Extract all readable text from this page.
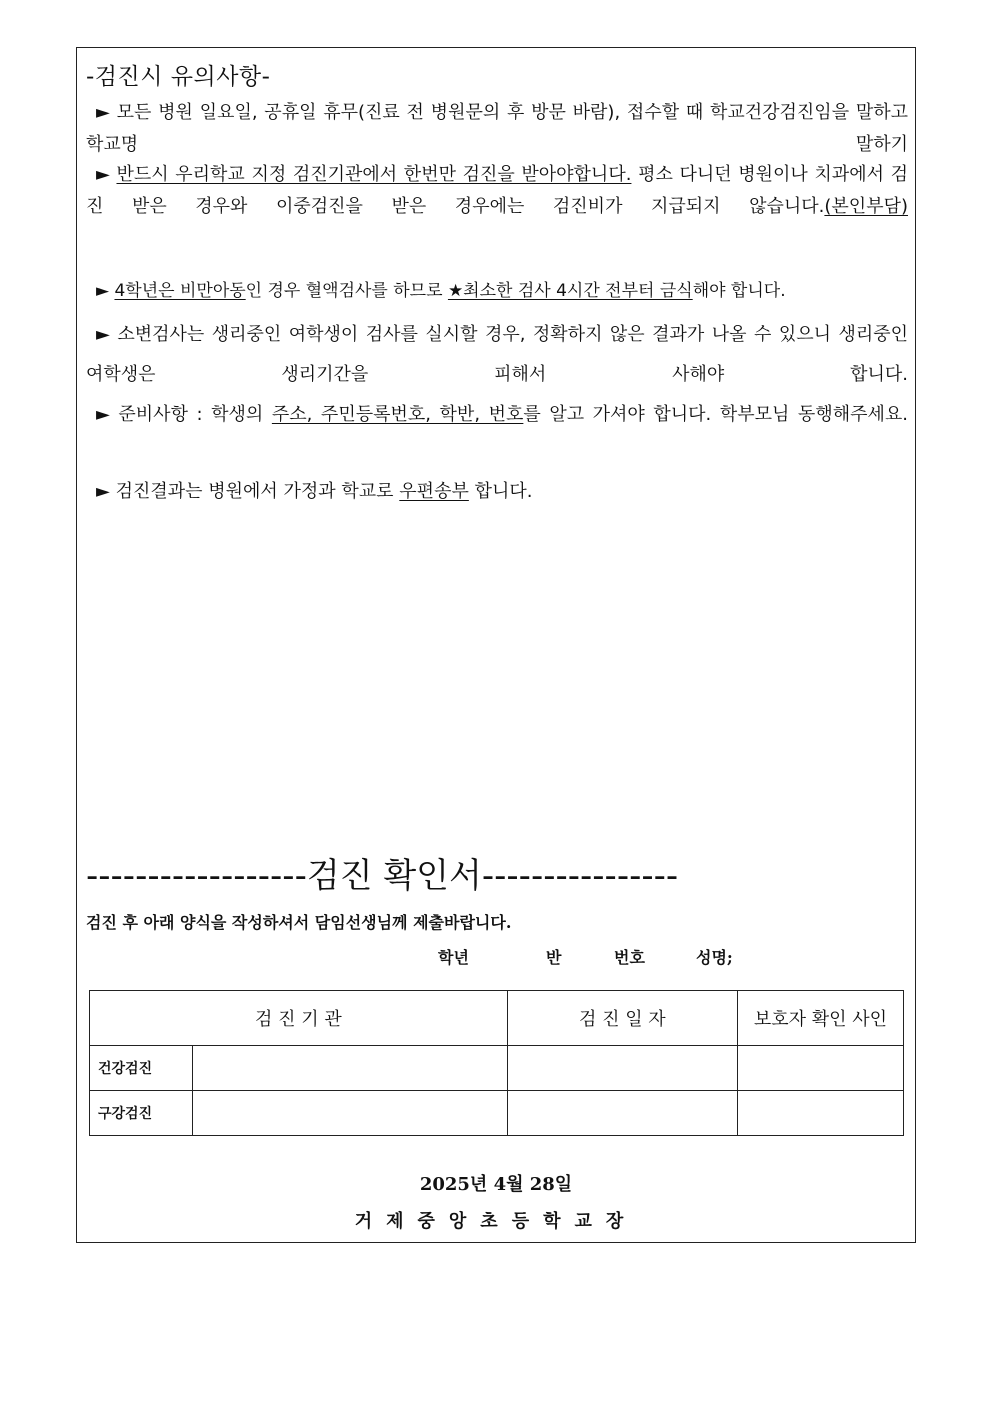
-검진시 유의사항-
► 모든 병원 일요일, 공휴일 휴무(진료 전 병원문의 후 방문 바람), 접수할 때 학교건강검진임을 말하고 학교명 말하기
► 반드시 우리학교 지정 검진기관에서 한번만 검진을 받아야합니다. 평소 다니던 병원이나 치과에서 검진 받은 경우와 이중검진을 받은 경우에는 검진비가 지급되지 않습니다.(본인부담)
► 4학년은 비만아동인 경우 혈액검사를 하므로 ★최소한 검사 4시간 전부터 금식해야 합니다.
► 소변검사는 생리중인 여학생이 검사를 실시할 경우, 정확하지 않은 결과가 나올 수 있으니 생리중인 여학생은 생리기간을 피해서 사해야 합니다.
► 준비사항 : 학생의 주소, 주민등록번호, 학반, 번호를 알고 가셔야 합니다. 학부모님 동행해주세요.
► 검진결과는 병원에서 가정과 학교로 우편송부 합니다.
------------------검진 확인서----------------
검진 후 아래 양식을 작성하셔서 담임선생님께 제출바랍니다.
학년	반	번호	성명;
검 진 기 관		검 진 일 자	보호자 확인 사인
건강검진			
구강검진			
2025년 4월 28일
거제중앙초등학교장
